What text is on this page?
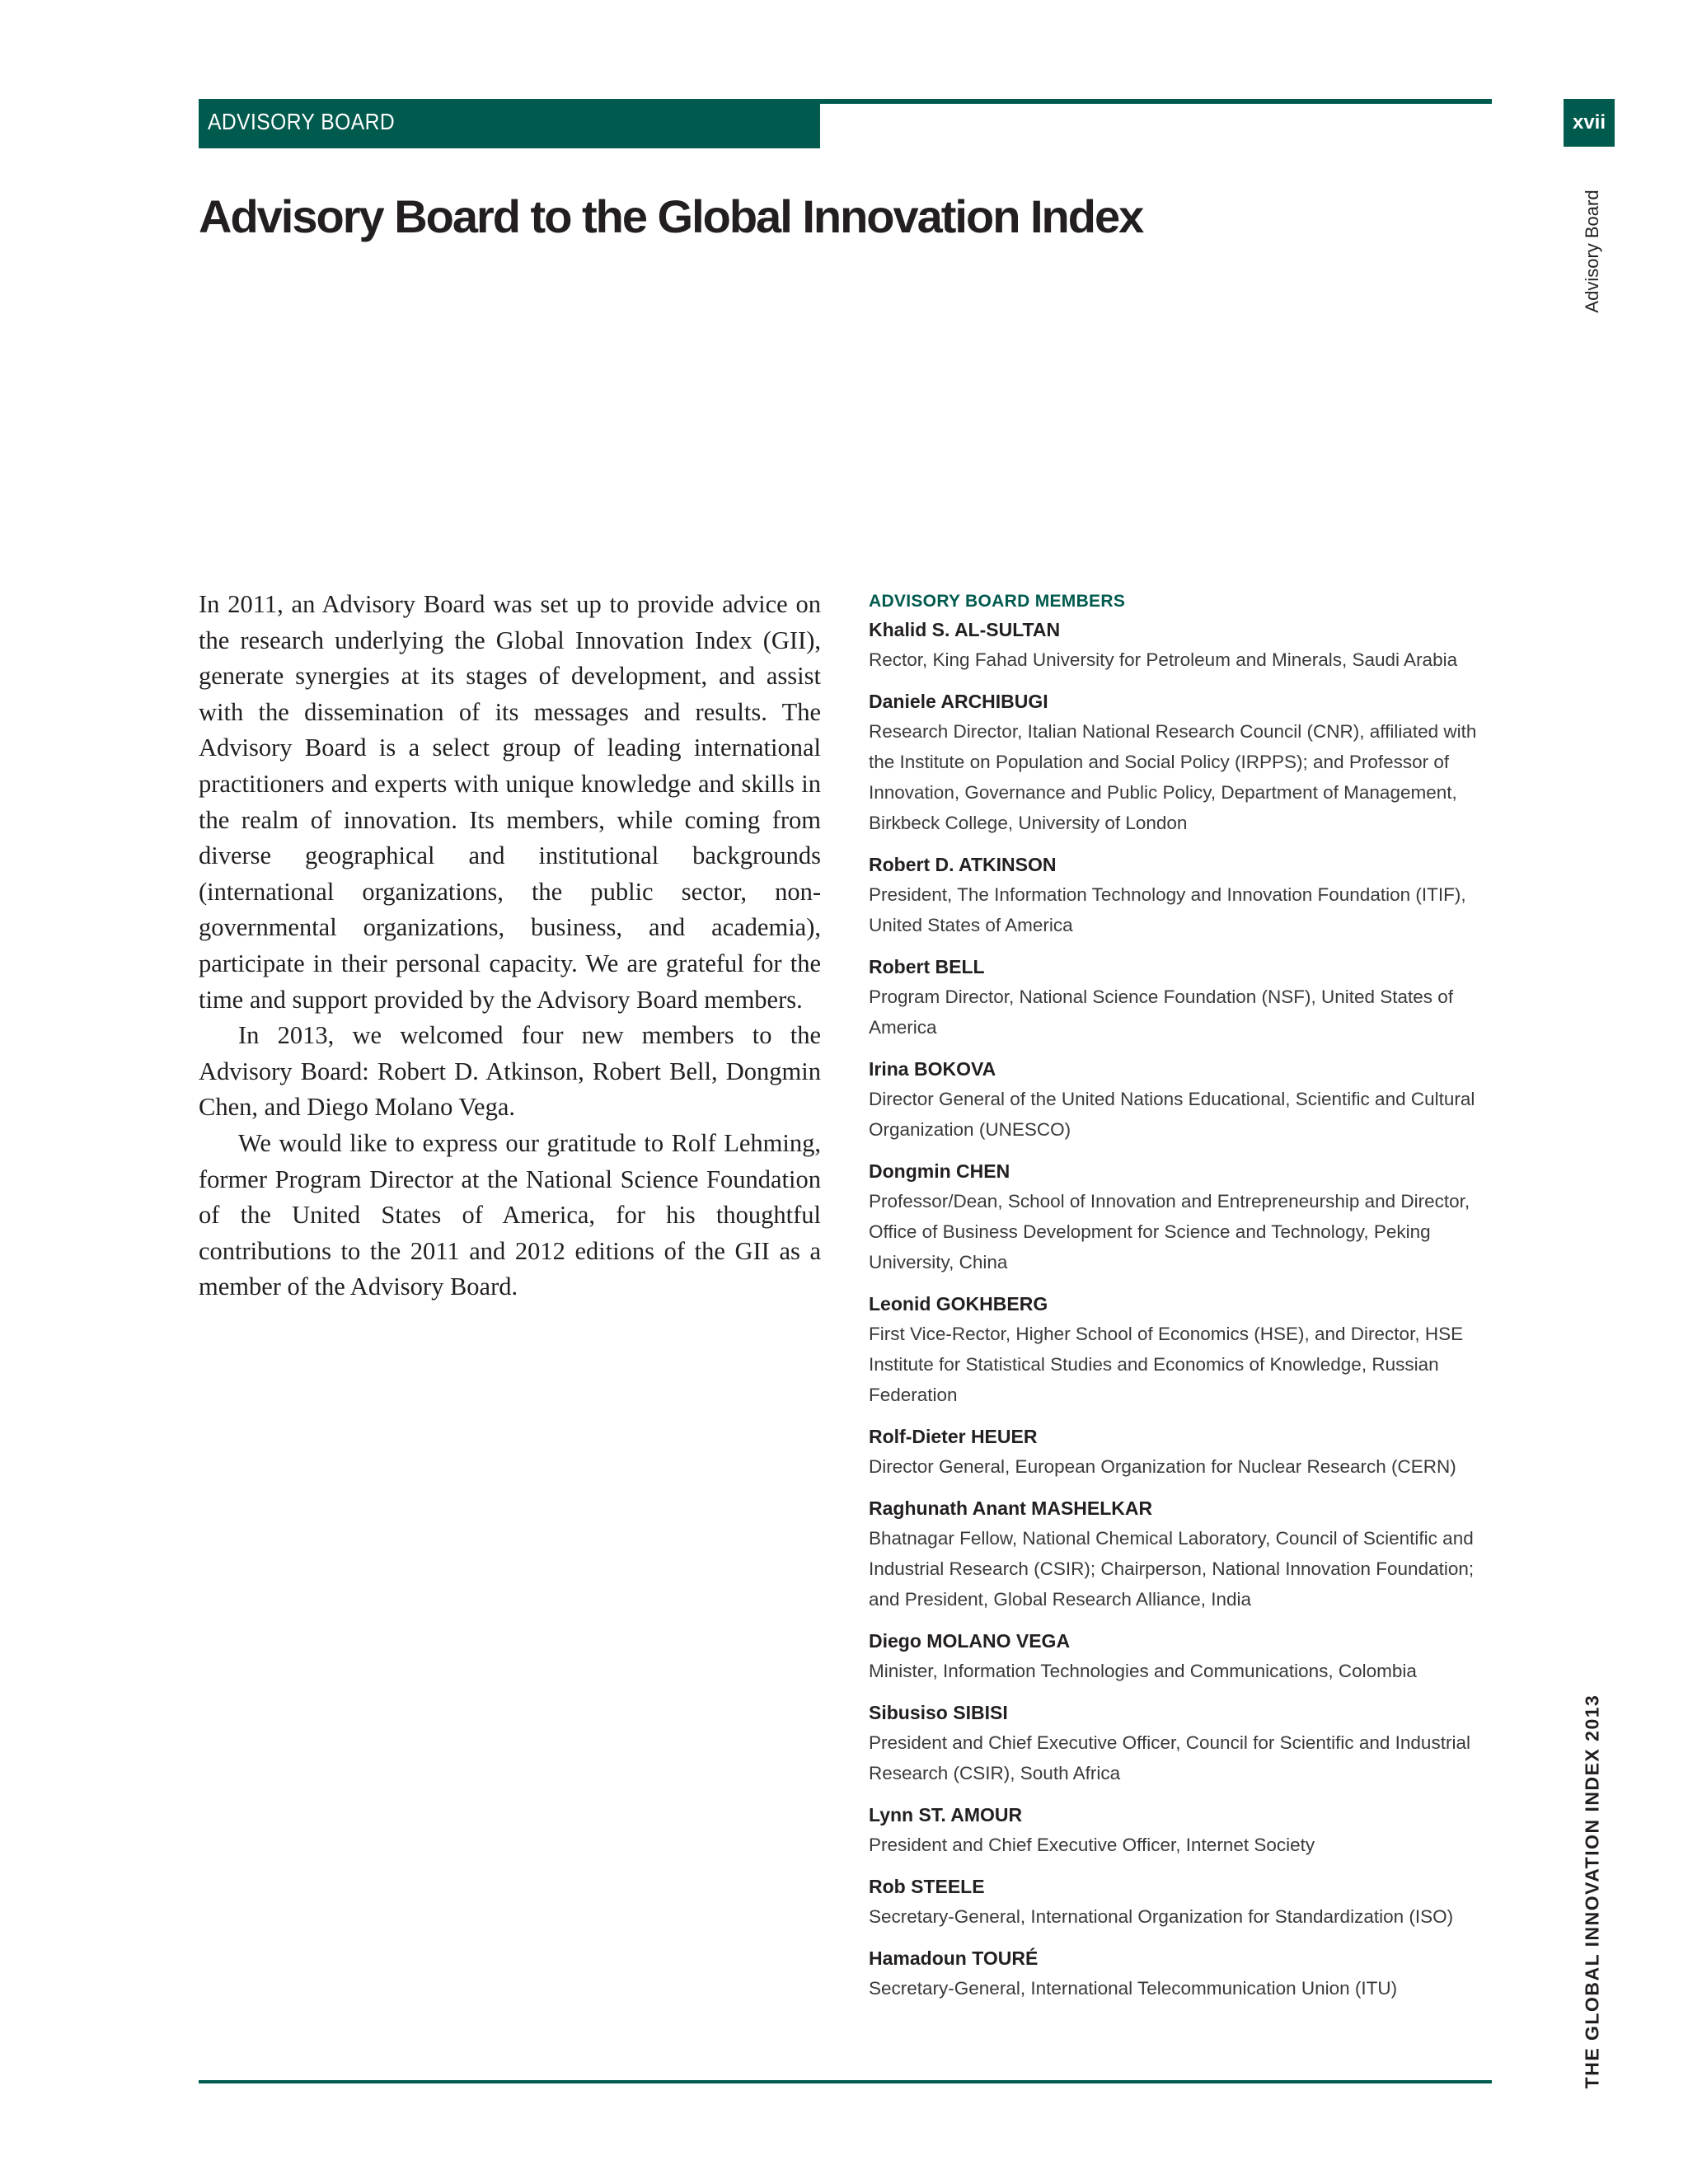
ADVISORY BOARD	xvii
Advisory Board
THE GLOBAL INNOVATION INDEX 2013
Advisory Board to the Global Innovation Index

In 2011, an Advisory Board was set up to provide advice on the research underlying the Global Innovation Index (GII), generate synergies at its stages of development, and assist with the dissemination of its messages and results. The Advisory Board is a select group of leading international practitioners and experts with unique knowledge and skills in the realm of innovation. Its members, while coming from diverse geographical and institutional backgrounds (international organizations, the public sector, non-governmental organizations, business, and academia), participate in their personal capacity. We are grateful for the time and support provided by the Advisory Board members.

In 2013, we welcomed four new members to the Advisory Board: Robert D. Atkinson, Robert Bell, Dongmin Chen, and Diego Molano Vega.

We would like to express our gratitude to Rolf Lehming, former Program Director at the National Science Foundation of the United States of America, for his thoughtful contributions to the 2011 and 2012 editions of the GII as a member of the Advisory Board.

ADVISORY BOARD MEMBERS
Khalid S. AL-SULTAN
Rector, King Fahad University for Petroleum and Minerals, Saudi Arabia
Daniele ARCHIBUGI
Research Director, Italian National Research Council (CNR), affiliated with the Institute on Population and Social Policy (IRPPS); and Professor of Innovation, Governance and Public Policy, Department of Management, Birkbeck College, University of London
Robert D. ATKINSON
President, The Information Technology and Innovation Foundation (ITIF), United States of America
Robert BELL
Program Director, National Science Foundation (NSF), United States of America
Irina BOKOVA
Director General of the United Nations Educational, Scientific and Cultural Organization (UNESCO)
Dongmin CHEN
Professor/Dean, School of Innovation and Entrepreneurship and Director, Office of Business Development for Science and Technology, Peking University, China
Leonid GOKHBERG
First Vice-Rector, Higher School of Economics (HSE), and Director, HSE Institute for Statistical Studies and Economics of Knowledge, Russian Federation
Rolf-Dieter HEUER
Director General, European Organization for Nuclear Research (CERN)
Raghunath Anant MASHELKAR
Bhatnagar Fellow, National Chemical Laboratory, Council of Scientific and Industrial Research (CSIR); Chairperson, National Innovation Foundation; and President, Global Research Alliance, India
Diego MOLANO VEGA
Minister, Information Technologies and Communications, Colombia
Sibusiso SIBISI
President and Chief Executive Officer, Council for Scientific and Industrial Research (CSIR), South Africa
Lynn ST. AMOUR
President and Chief Executive Officer, Internet Society
Rob STEELE
Secretary-General, International Organization for Standardization (ISO)
Hamadoun TOURÉ
Secretary-General, International Telecommunication Union (ITU)
